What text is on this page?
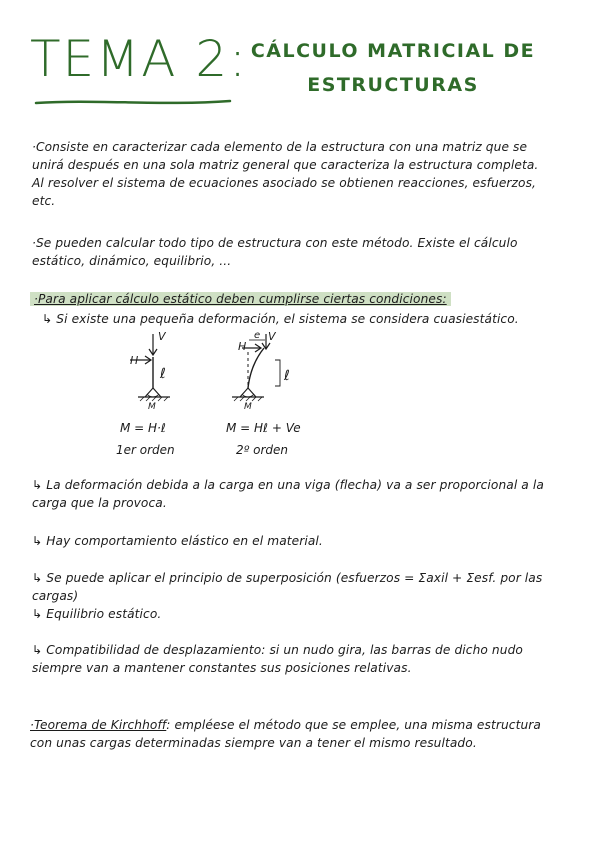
TEMA 2: CÁLCULO MATRICIAL DE
ESTRUCTURAS
·Consiste en caracterizar cada elemento de la estructura con una matriz que se unirá después en una sola matriz general que caracteriza la estructura completa. Al resolver el sistema de ecuaciones asociado se obtienen reacciones, esfuerzos, etc.
·Se pueden calcular todo tipo de estructura con este método. Existe el cálculo estático, dinámico, equilibrio, ...
·Para aplicar cálculo estático deben cumplirse ciertas condiciones:
↳ Si existe una pequeña deformación, el sistema se considera cuasiestático.
V
H
ℓ
M
M = H·ℓ
1er orden
V
H
e
ℓ
M
M = Hℓ + Ve
2º orden
↳ La deformación debida a la carga en una viga (flecha) va a ser proporcional a la carga que la provoca.
↳ Hay comportamiento elástico en el material.
↳ Se puede aplicar el principio de superposición (esfuerzos = Σaxil + Σesf. por las cargas)
↳ Equilibrio estático.
↳ Compatibilidad de desplazamiento: si un nudo gira, las barras de dicho nudo siempre van a mantener constantes sus posiciones relativas.
·Teorema de Kirchhoff: empléese el método que se emplee, una misma estructura con unas cargas determinadas siempre van a tener el mismo resultado.
